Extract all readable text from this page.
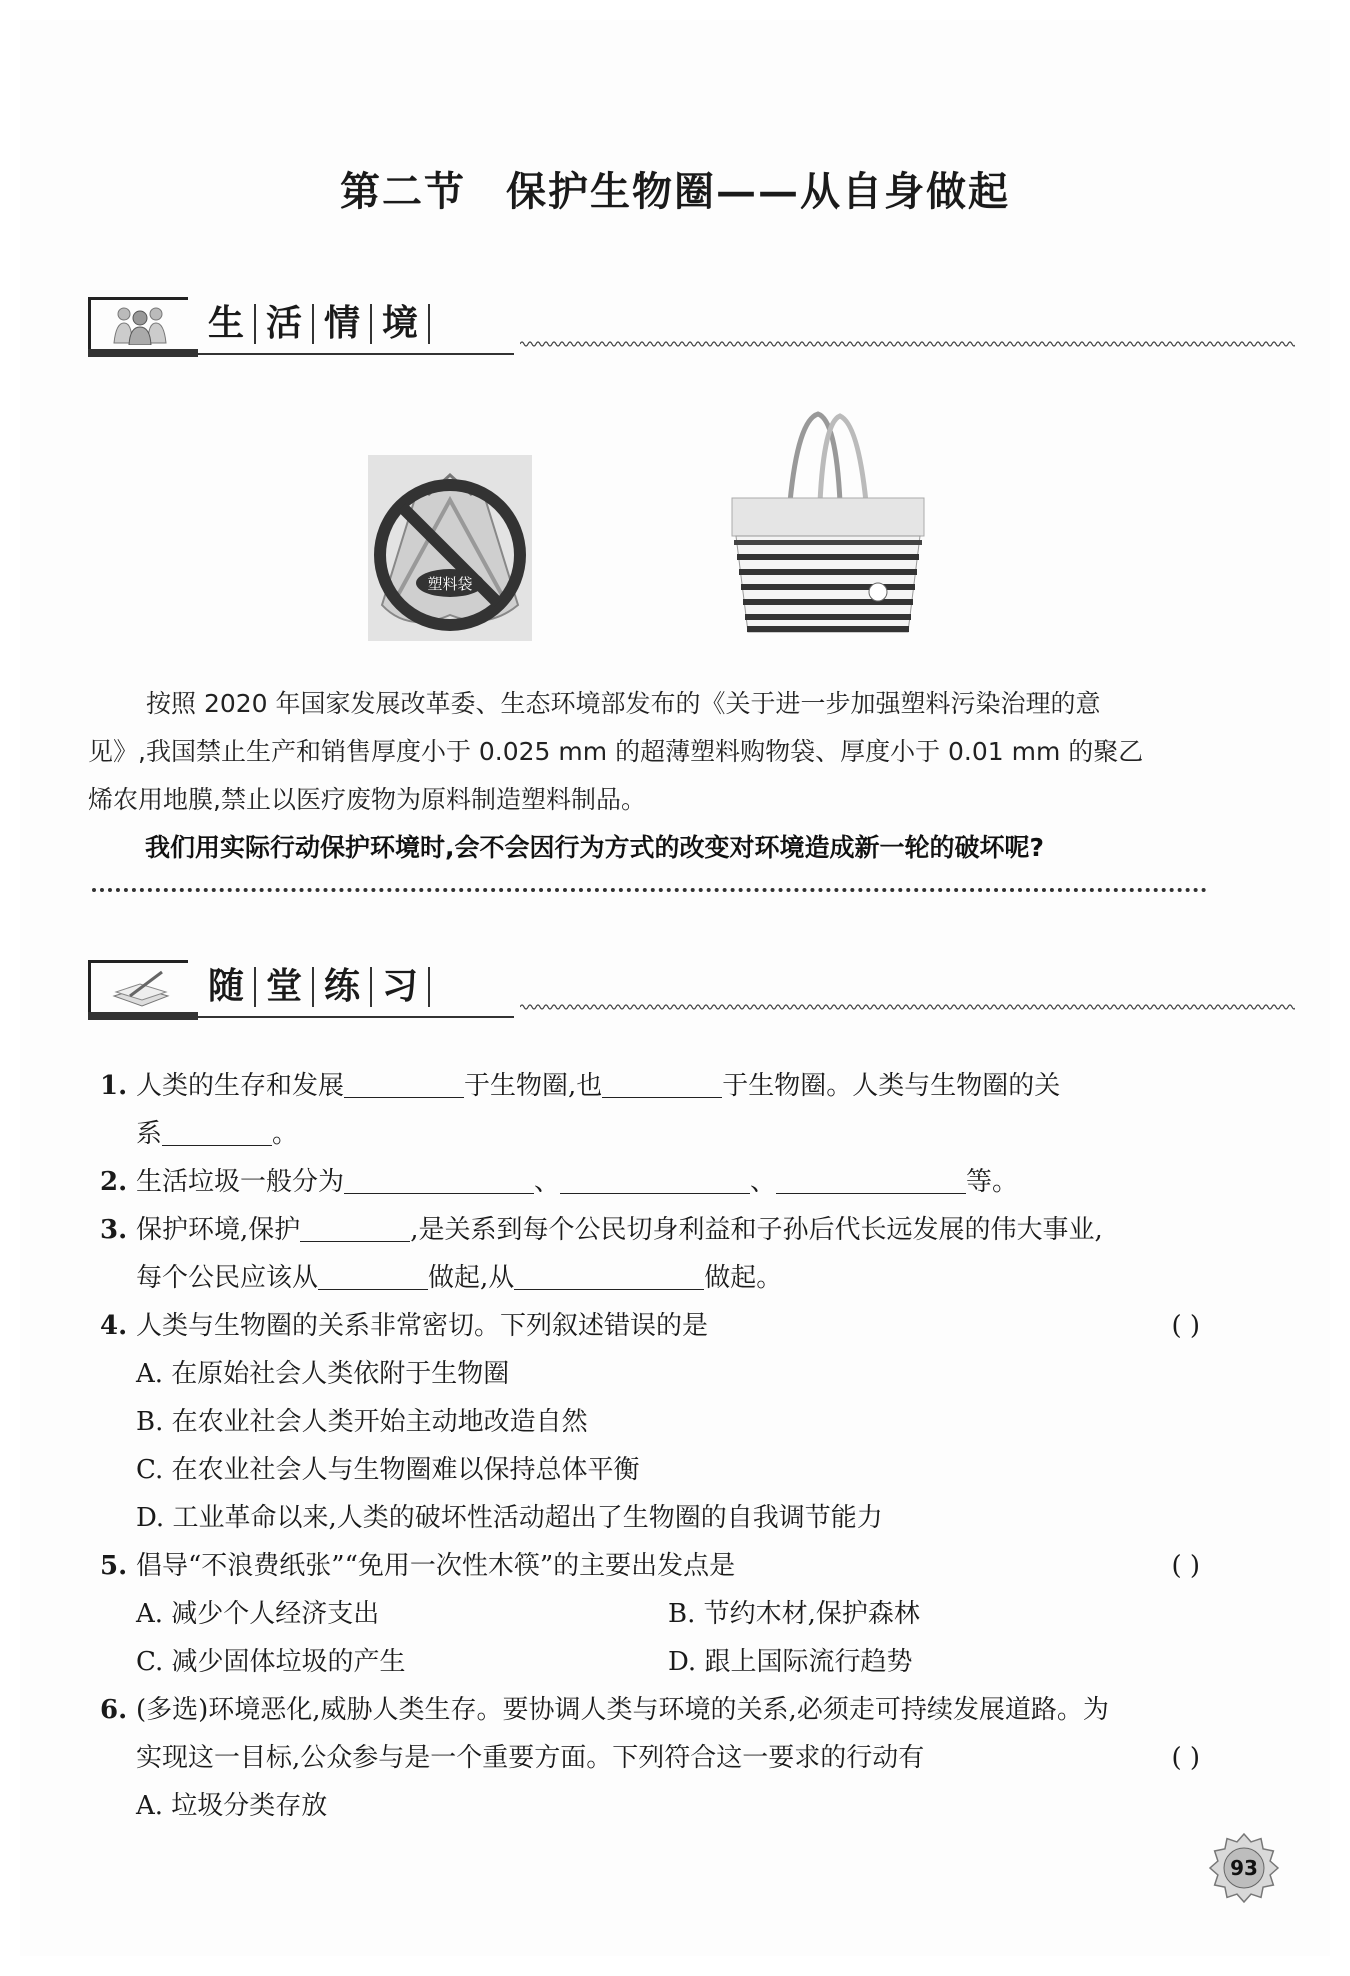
第二节 保护生物圈——从自身做起
生 活 情 境
塑料袋
按照 2020 年国家发展改革委、生态环境部发布的《关于进一步加强塑料污染治理的意
见》,我国禁止生产和销售厚度小于 0.025 mm 的超薄塑料购物袋、厚度小于 0.01 mm 的聚乙
烯农用地膜,禁止以医疗废物为原料制造塑料制品。
我们用实际行动保护环境时,会不会因行为方式的改变对环境造成新一轮的破坏呢?
随 堂 练 习
1. 人类的生存和发展	于生物圈,也	于生物圈。人类与生物圈的关
系	。
2. 生活垃圾一般分为	、	、	等。
3. 保护环境,保护	,是关系到每个公民切身利益和子孙后代长远发展的伟大事业,
每个公民应该从	做起,从	做起。
4. 人类与生物圈的关系非常密切。下列叙述错误的是	( )
A. 在原始社会人类依附于生物圈
B. 在农业社会人类开始主动地改造自然
C. 在农业社会人与生物圈难以保持总体平衡
D. 工业革命以来,人类的破坏性活动超出了生物圈的自我调节能力
5. 倡导“不浪费纸张”“免用一次性木筷”的主要出发点是	( )
A. 减少个人经济支出	B. 节约木材,保护森林
C. 减少固体垃圾的产生	D. 跟上国际流行趋势
6. (多选)环境恶化,威胁人类生存。要协调人类与环境的关系,必须走可持续发展道路。为
实现这一目标,公众参与是一个重要方面。下列符合这一要求的行动有	( )
A. 垃圾分类存放
93
